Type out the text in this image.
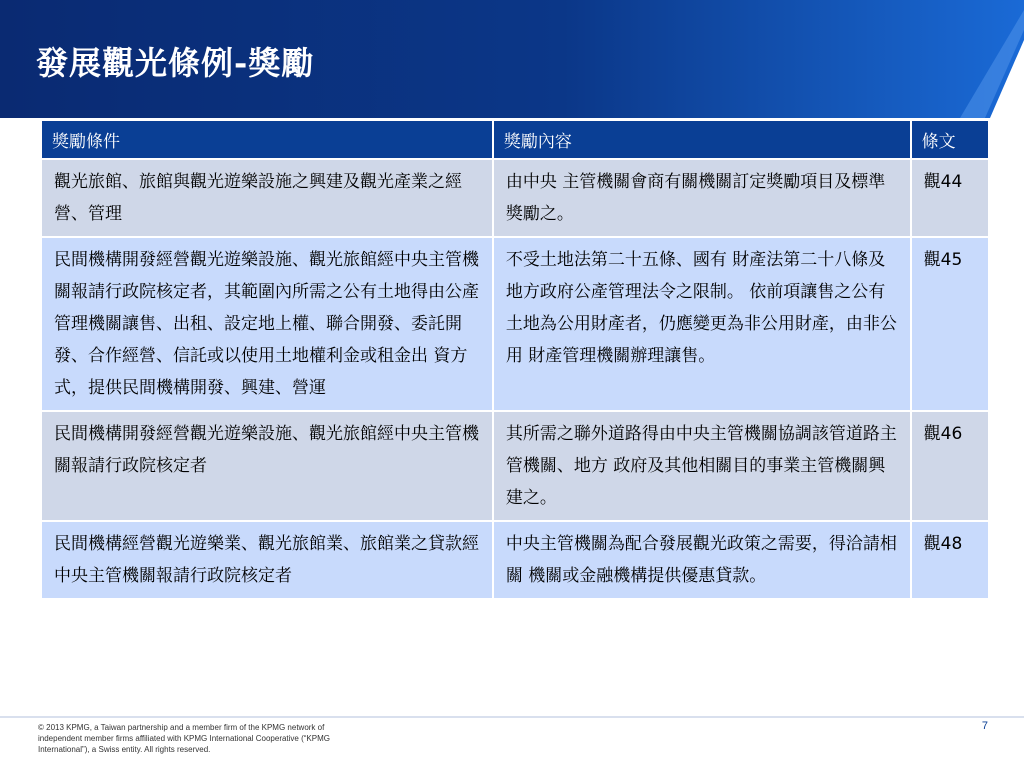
發展觀光條例-獎勵
獎勵條件	獎勵內容	條文
觀光旅館、旅館與觀光遊樂設施之興建及觀光產業之經營、管理	由中央 主管機關會商有關機關訂定獎勵項目及標準獎勵之。	觀44
民間機構開發經營觀光遊樂設施、觀光旅館經中央主管機關報請行政院核定者，其範圍內所需之公有土地得由公產管理機關讓售、出租、設定地上權、聯合開發、委託開發、合作經營、信託或以使用土地權利金或租金出 資方式，提供民間機構開發、興建、營運	不受土地法第二十五條、國有 財產法第二十八條及地方政府公產管理法令之限制。 依前項讓售之公有土地為公用財產者，仍應變更為非公用財產，由非公用 財產管理機關辦理讓售。	觀45
民間機構開發經營觀光遊樂設施、觀光旅館經中央主管機關報請行政院核定者	其所需之聯外道路得由中央主管機關協調該管道路主管機關、地方 政府及其他相關目的事業主管機關興建之。	觀46
民間機構經營觀光遊樂業、觀光旅館業、旅館業之貸款經中央主管機關報請行政院核定者	中央主管機關為配合發展觀光政策之需要，得洽請相關 機關或金融機構提供優惠貸款。	觀48
© 2013 KPMG, a Taiwan partnership and a member firm of the KPMG network of independent member firms affiliated with KPMG International Cooperative (“KPMG International”), a Swiss entity. All rights reserved.
7
